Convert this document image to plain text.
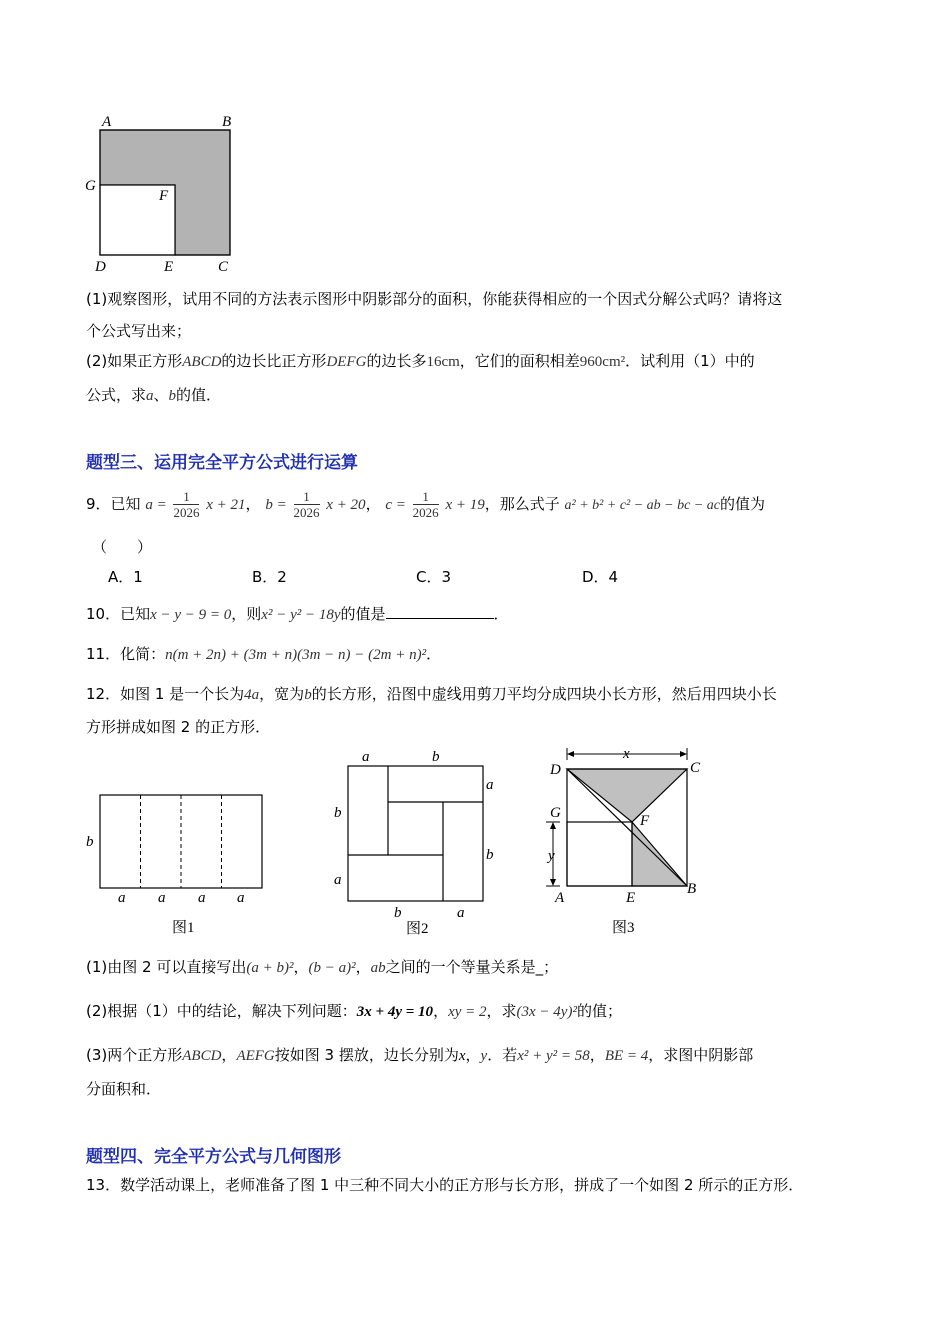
A	B
G
F
D	E	C
(1)观察图形，试用不同的方法表示图形中阴影部分的面积，你能获得相应的一个因式分解公式吗？请将这
个公式写出来；
(2)如果正方形ABCD的边长比正方形DEFG的边长多16cm，它们的面积相差960cm²．试利用（1）中的
公式，求a、b的值．
题型三、运用完全平方公式进行运算
9．已知 $a = \frac{1}{2026}$ x + 21， $b = \frac{1}{2026}$ x + 20， $c = \frac{1}{2026}$ x + 19，那么式子 a² + b² + c² − ab − bc − ac的值为
（　　）
A．1	B．2	C．3	D．4
10．已知x − y − 9 = 0，则x² − y² − 18y的值是	．
11．化简：n(m + 2n) + (3m + n)(3m − n) − (2m + n)²．
12．如图 1 是一个长为4a，宽为b的长方形，沿图中虚线用剪刀平均分成四块小长方形，然后用四块小长
方形拼成如图 2 的正方形．
b
a a a a
图1
a	b
b
a
a
b
b	a
图2
x
y
D	C
G	F
A	E
B
图3
(1)由图 2 可以直接写出(a + b)²，(b − a)²，ab之间的一个等量关系是_；
(2)根据（1）中的结论，解决下列问题：3x + 4y = 10，xy = 2，求(3x − 4y)²的值；
(3)两个正方形ABCD，AEFG按如图 3 摆放，边长分别为x，y．若x² + y² = 58，BE = 4，求图中阴影部
分面积和．
题型四、完全平方公式与几何图形
13．数学活动课上，老师准备了图 1 中三种不同大小的正方形与长方形，拼成了一个如图 2 所示的正方形．
